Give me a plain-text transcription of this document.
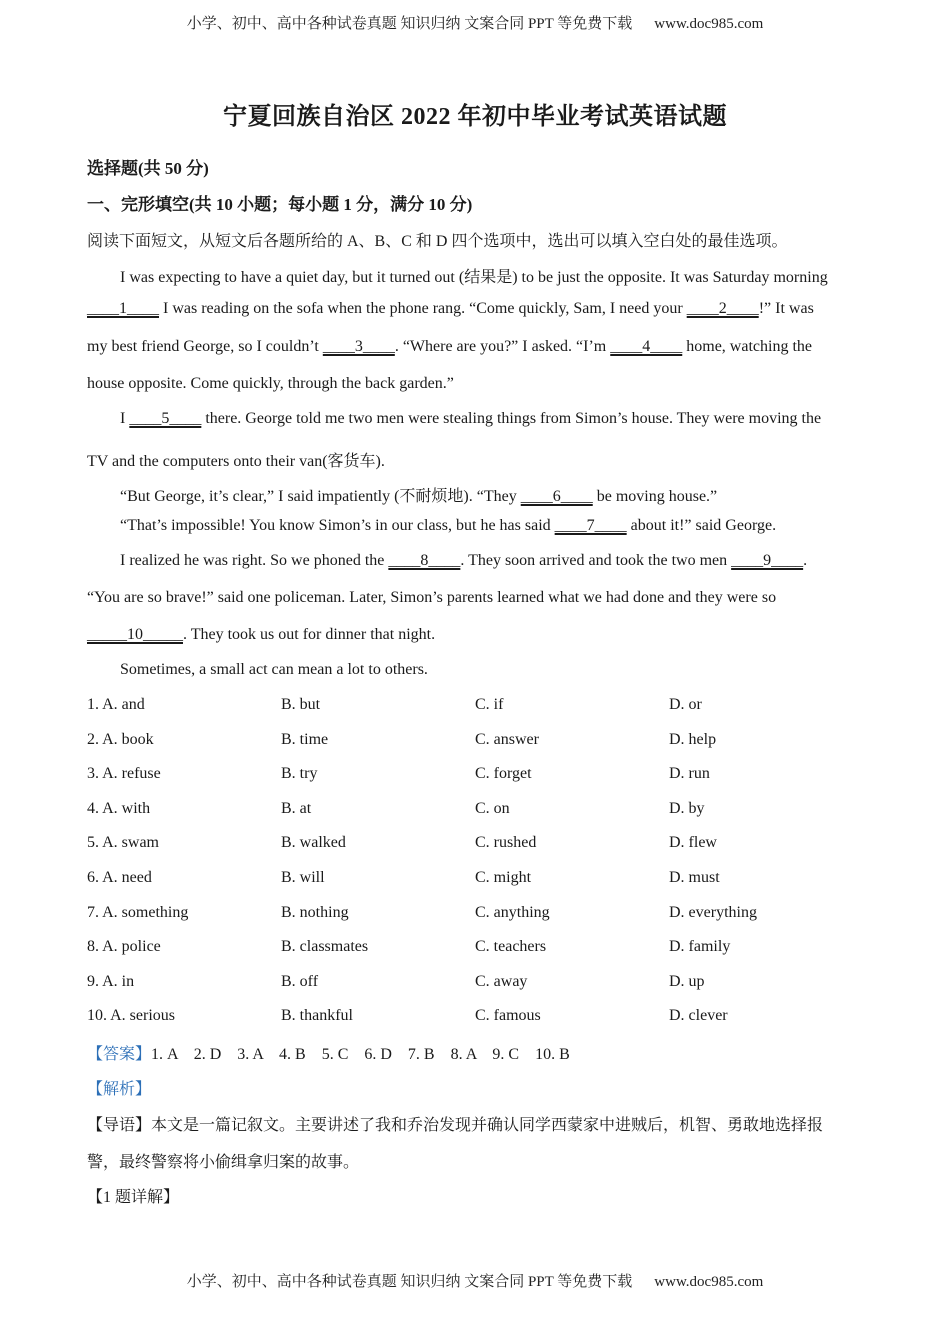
小学、初中、高中各种试卷真题 知识归纳 文案合同 PPT 等免费下载 www.doc985.com
宁夏回族自治区 2022 年初中毕业考试英语试题
选择题(共 50 分)
一、完形填空(共 10 小题；每小题 1 分，满分 10 分)
阅读下面短文，从短文后各题所给的 A、B、C 和 D 四个选项中，选出可以填入空白处的最佳选项。
I was expecting to have a quiet day, but it turned out (结果是) to be just the opposite. It was Saturday morning
____1____ I was reading on the sofa when the phone rang. “Come quickly, Sam, I need your ____2____!” It was
my best friend George, so I couldn’t ____3____. “Where are you?” I asked. “I’m ____4____ home, watching the
house opposite. Come quickly, through the back garden.”
I ____5____ there. George told me two men were stealing things from Simon’s house. They were moving the
TV and the computers onto their van(客货车).
“But George, it’s clear,” I said impatiently (不耐烦地). “They ____6____ be moving house.”
“That’s impossible! You know Simon’s in our class, but he has said ____7____ about it!” said George.
I realized he was right. So we phoned the ____8____. They soon arrived and took the two men ____9____.
“You are so brave!” said one policeman. Later, Simon’s parents learned what we had done and they were so
_____10_____. They took us out for dinner that night.
Sometimes, a small act can mean a lot to others.
1. A. and	B. but	C. if	D. or
2. A. book	B. time	C. answer	D. help
3. A. refuse	B. try	C. forget	D. run
4. A. with	B. at	C. on	D. by
5. A. swam	B. walked	C. rushed	D. flew
6. A. need	B. will	C. might	D. must
7. A. something	B. nothing	C. anything	D. everything
8. A. police	B. classmates	C. teachers	D. family
9. A. in	B. off	C. away	D. up
10. A. serious	B. thankful	C. famous	D. clever
【答案】1. A    2. D    3. A    4. B    5. C    6. D    7. B    8. A    9. C    10. B
【解析】
【导语】本文是一篇记叙文。主要讲述了我和乔治发现并确认同学西蒙家中进贼后，机智、勇敢地选择报
警，最终警察将小偷缉拿归案的故事。
【1 题详解】
小学、初中、高中各种试卷真题 知识归纳 文案合同 PPT 等免费下载 www.doc985.com
